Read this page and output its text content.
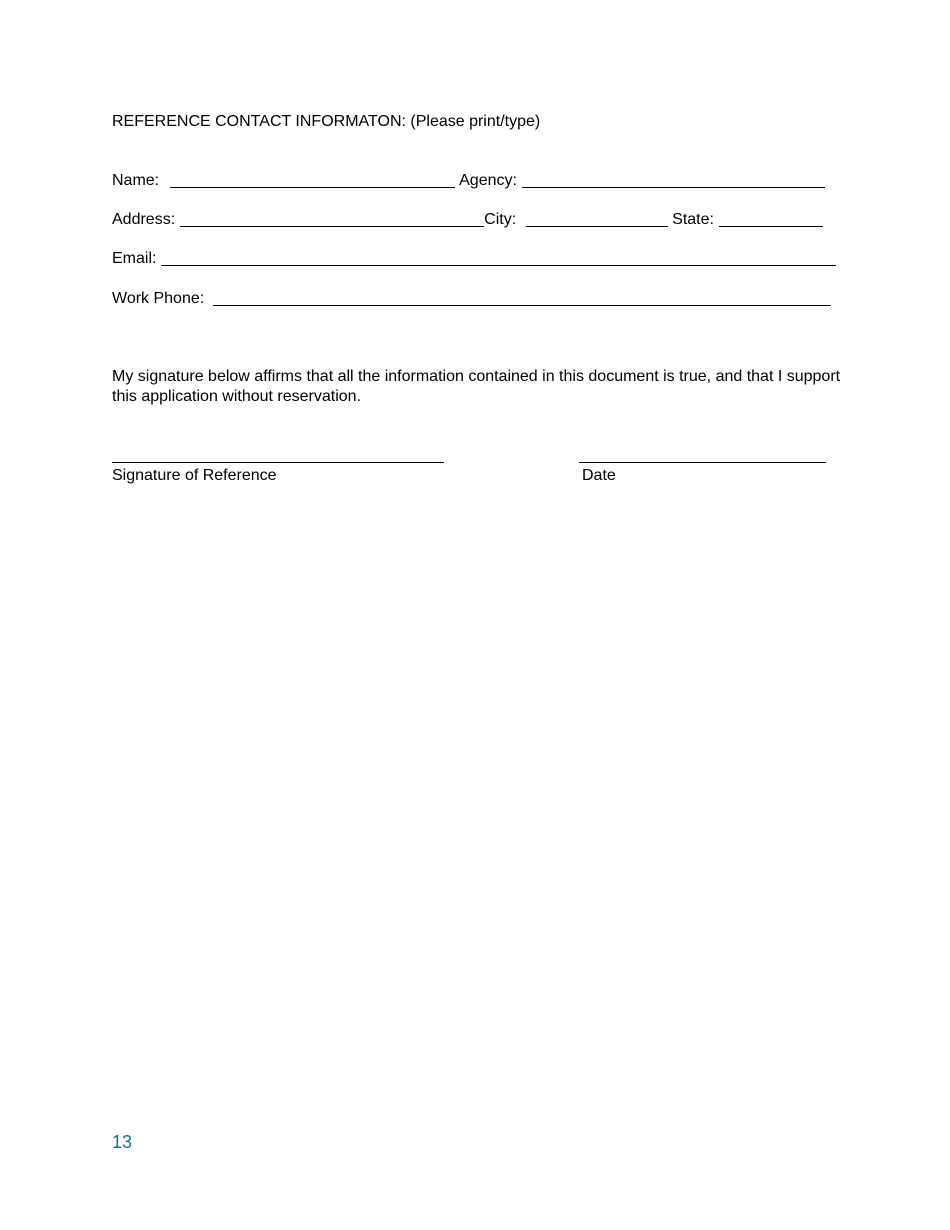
REFERENCE CONTACT INFORMATON: (Please print/type)
Name:	Agency:
Address:	City:	State:
Email:
Work Phone:
My signature below affirms that all the information contained in this document is true, and that I support this application without reservation.
Signature of Reference	Date
13
